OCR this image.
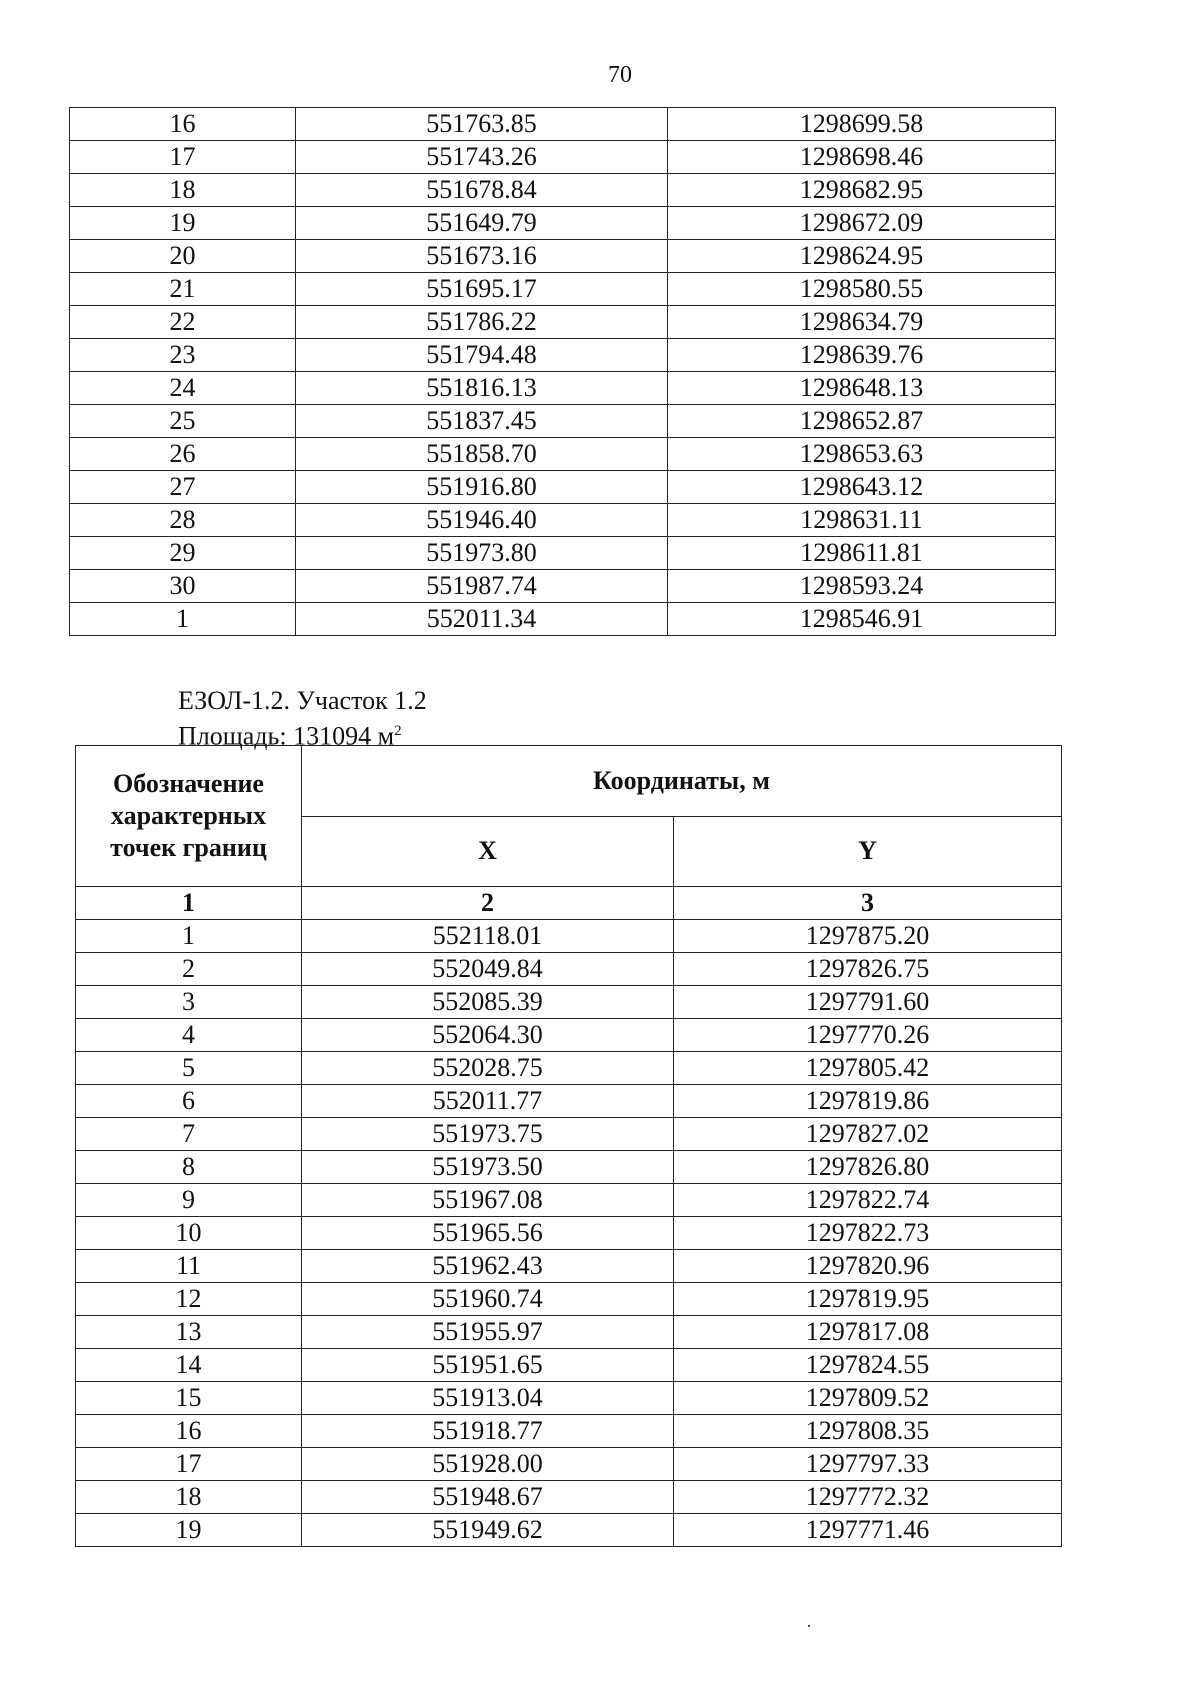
70
16	551763.85	1298699.58
17	551743.26	1298698.46
18	551678.84	1298682.95
19	551649.79	1298672.09
20	551673.16	1298624.95
21	551695.17	1298580.55
22	551786.22	1298634.79
23	551794.48	1298639.76
24	551816.13	1298648.13
25	551837.45	1298652.87
26	551858.70	1298653.63
27	551916.80	1298643.12
28	551946.40	1298631.11
29	551973.80	1298611.81
30	551987.74	1298593.24
1	552011.34	1298546.91
ЕЗОЛ-1.2. Участок 1.2
Площадь: 131094 $м^2$
Обозначение характерных точек границ	Координаты, м	
	X	Y
1	2	3
1	552118.01	1297875.20
2	552049.84	1297826.75
3	552085.39	1297791.60
4	552064.30	1297770.26
5	552028.75	1297805.42
6	552011.77	1297819.86
7	551973.75	1297827.02
8	551973.50	1297826.80
9	551967.08	1297822.74
10	551965.56	1297822.73
11	551962.43	1297820.96
12	551960.74	1297819.95
13	551955.97	1297817.08
14	551951.65	1297824.55
15	551913.04	1297809.52
16	551918.77	1297808.35
17	551928.00	1297797.33
18	551948.67	1297772.32
19	551949.62	1297771.46
